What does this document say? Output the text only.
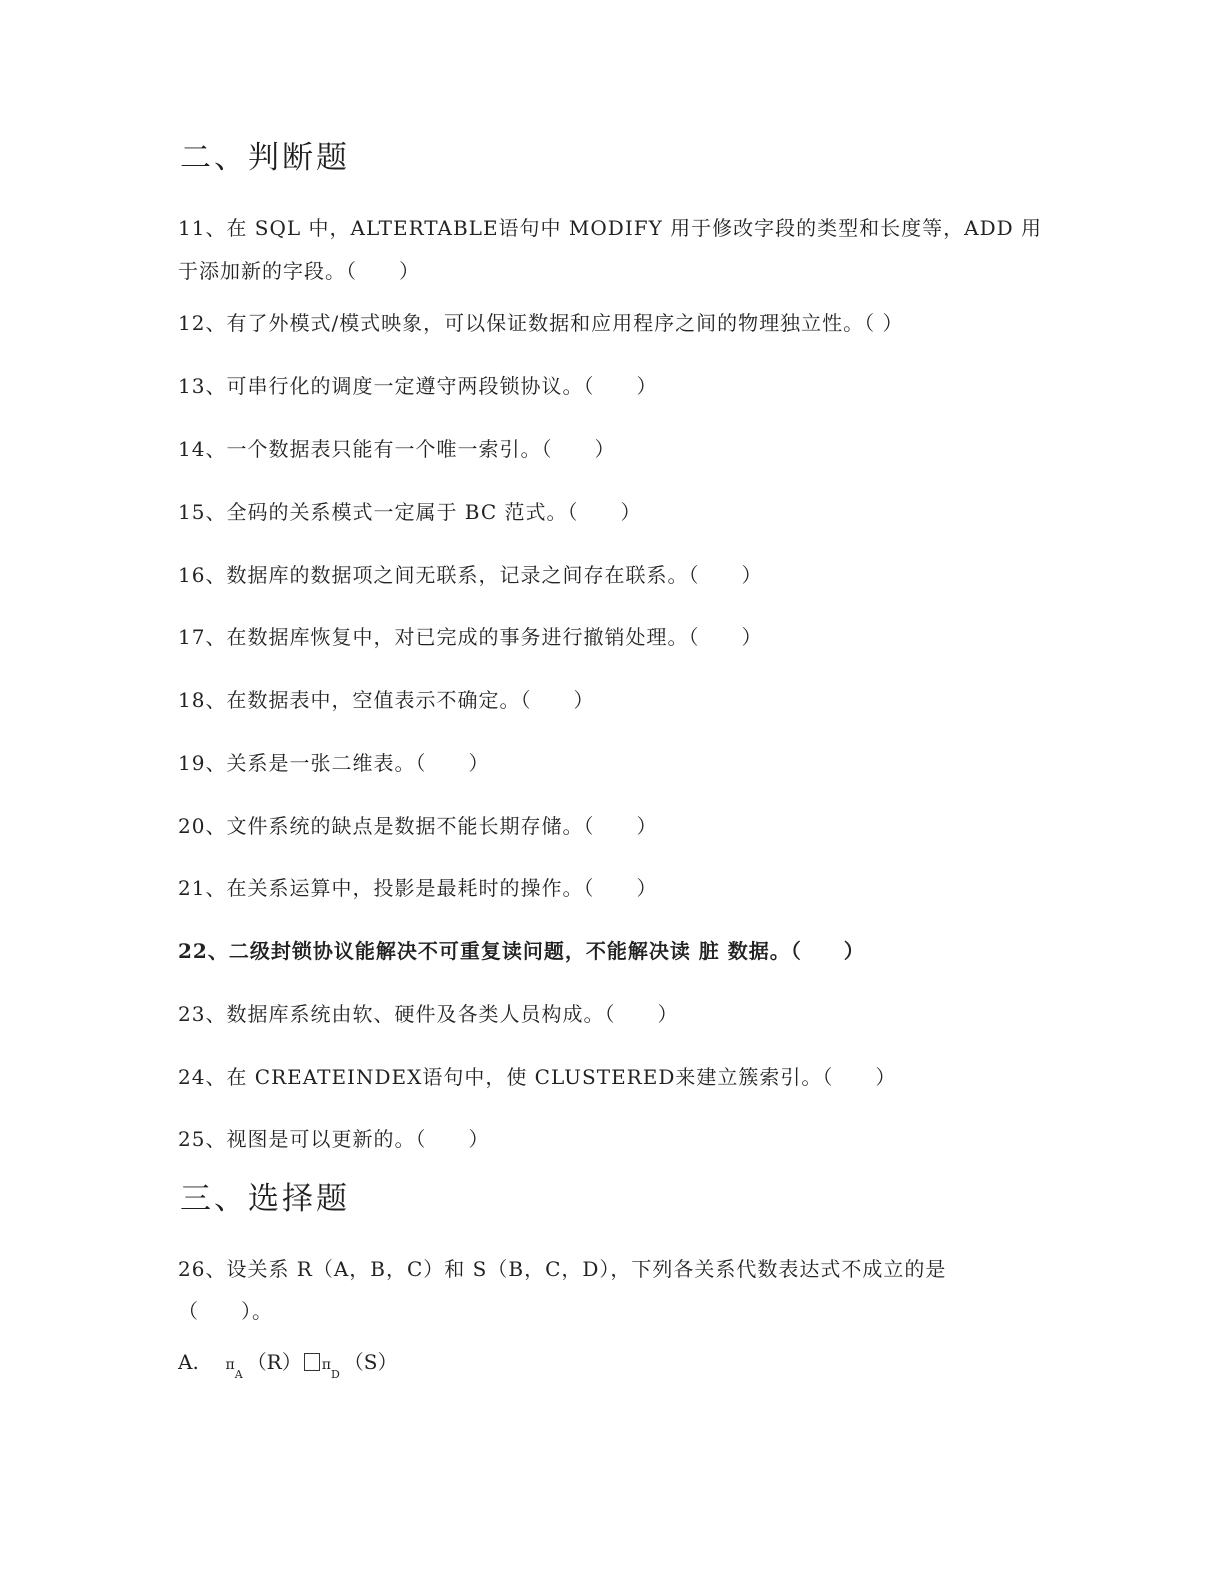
二、判断题
11、在 SQL 中，ALTERTABLE语句中 MODIFY 用于修改字段的类型和长度等，ADD 用
于添加新的字段。（　　）
12、有了外模式/模式映象，可以保证数据和应用程序之间的物理独立性。（ ）
13、可串行化的调度一定遵守两段锁协议。（　　）
14、一个数据表只能有一个唯一索引。（　　）
15、全码的关系模式一定属于 BC 范式。（　　）
16、数据库的数据项之间无联系，记录之间存在联系。（　　）
17、在数据库恢复中，对已完成的事务进行撤销处理。（　　）
18、在数据表中，空值表示不确定。（　　）
19、关系是一张二维表。（　　）
20、文件系统的缺点是数据不能长期存储。（　　）
21、在关系运算中，投影是最耗时的操作。（　　）
22、二级封锁协议能解决不可重复读问题，不能解决读 脏 数据。（　　）
23、数据库系统由软、硬件及各类人员构成。（　　）
24、在 CREATEINDEX语句中，使 CLUSTERED来建立簇索引。（　　）
25、视图是可以更新的。（　　）
三、选择题
26、设关系 R（A，B，C）和 S（B，C，D），下列各关系代数表达式不成立的是
（　　）。
A. $\pi_A(R)$ $\pi_D(S)$
